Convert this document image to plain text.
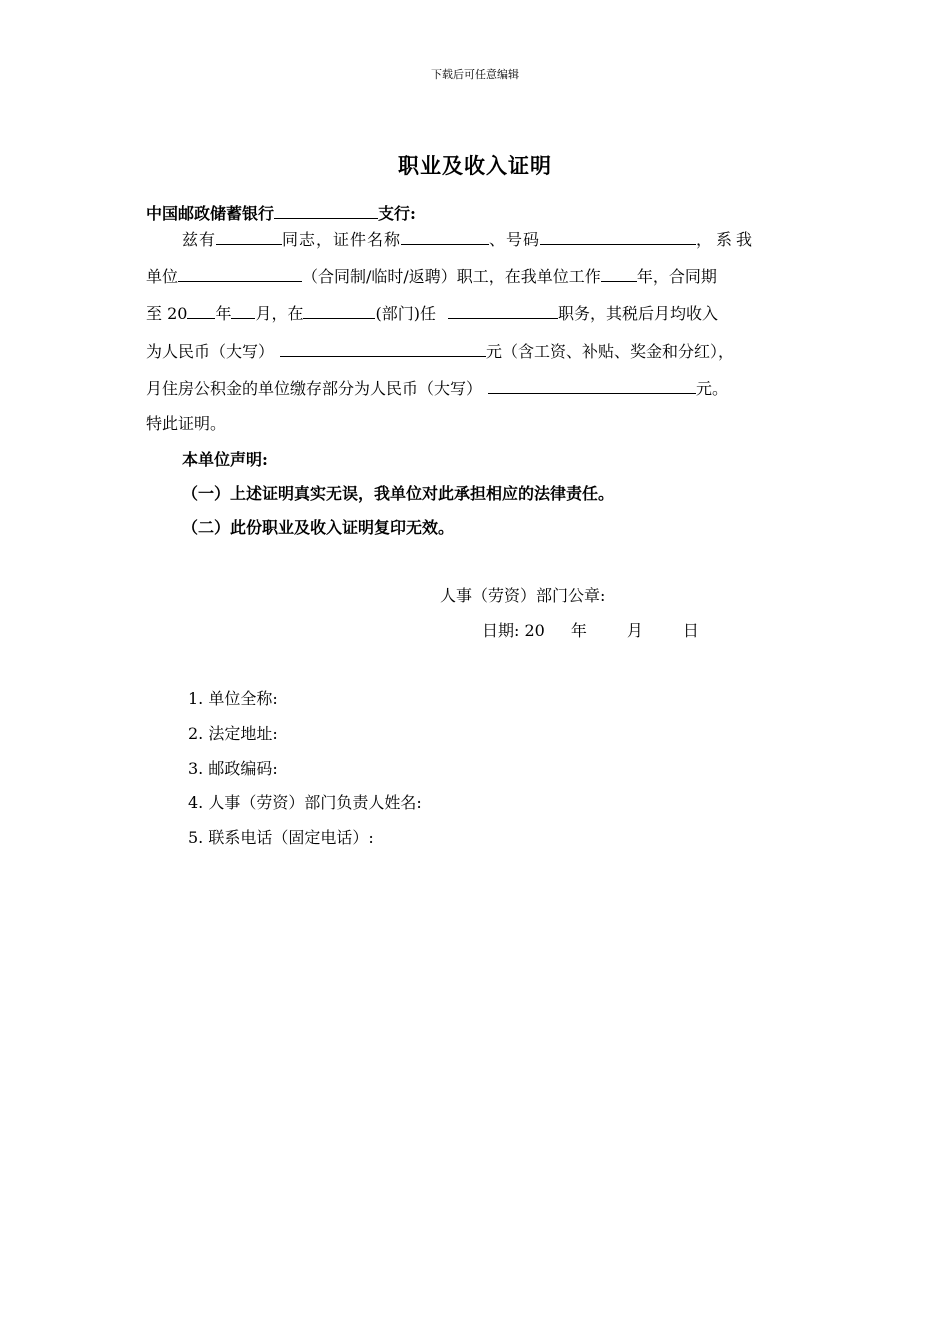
下载后可任意编辑
职业及收入证明
中国邮政储蓄银行	支行:
兹有	同志，证件名称	、号码	，系我
单位	（合同制/临时/返聘）职工，在我单位工作 年，合同期
至 20 年 月，在	(部门)任	职务，其税后月均收入
为人民币（大写）	元（含工资、补贴、奖金和分红），
月住房公积金的单位缴存部分为人民币（大写）	元。
特此证明。
本单位声明:
（一）上述证明真实无误，我单位对此承担相应的法律责任。
（二）此份职业及收入证明复印无效。
人事（劳资）部门公章:
日期: 20 年	月	日
1. 单位全称:
2. 法定地址:
3. 邮政编码:
4. 人事（劳资）部门负责人姓名:
5. 联系电话（固定电话）:
